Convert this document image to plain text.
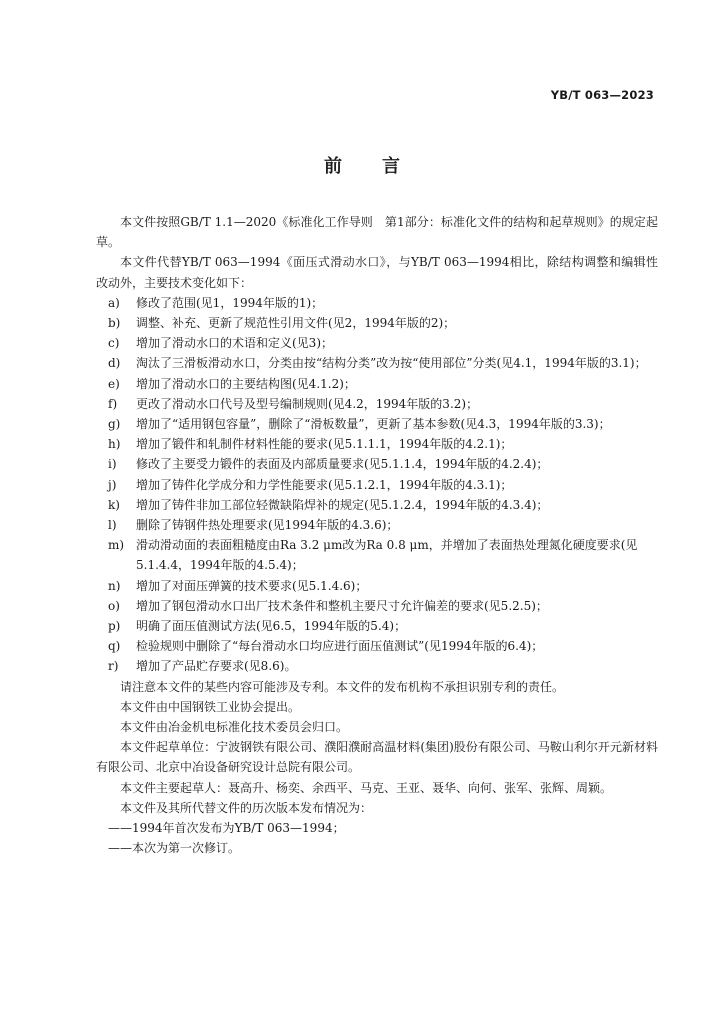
YB/T 063—2023
前言

本文件按照GB/T 1.1—2020《标准化工作导则　第1部分：标准化文件的结构和起草规则》的规定起草。

本文件代替YB/T 063—1994《面压式滑动水口》，与YB/T 063—1994相比，除结构调整和编辑性改动外，主要技术变化如下：

a)	修改了范围(见1，1994年版的1)；
b)	调整、补充、更新了规范性引用文件(见2，1994年版的2)；
c)	增加了滑动水口的术语和定义(见3)；
d)	淘汰了三滑板滑动水口，分类由按“结构分类”改为按“使用部位”分类(见4.1，1994年版的3.1)；
e)	增加了滑动水口的主要结构图(见4.1.2)；
f)	更改了滑动水口代号及型号编制规则(见4.2，1994年版的3.2)；
g)	增加了“适用钢包容量”，删除了“滑板数量”，更新了基本参数(见4.3，1994年版的3.3)；
h)	增加了锻件和轧制件材料性能的要求(见5.1.1.1，1994年版的4.2.1)；
i)	修改了主要受力锻件的表面及内部质量要求(见5.1.1.4，1994年版的4.2.4)；
j)	增加了铸件化学成分和力学性能要求(见5.1.2.1，1994年版的4.3.1)；
k)	增加了铸件非加工部位轻微缺陷焊补的规定(见5.1.2.4，1994年版的4.3.4)；
l)	删除了铸钢件热处理要求(见1994年版的4.3.6)；
m) 滑动滑动面的表面粗糙度由Ra 3.2 μm改为Ra 0.8 μm，并增加了表面热处理氮化硬度要求(见5.1.4.4，1994年版的4.5.4)；
n)	增加了对面压弹簧的技术要求(见5.1.4.6)；
o)	增加了钢包滑动水口出厂技术条件和整机主要尺寸允许偏差的要求(见5.2.5)；
p)	明确了面压值测试方法(见6.5，1994年版的5.4)；
q)	检验规则中删除了“每台滑动水口均应进行面压值测试”(见1994年版的6.4)；
r)	增加了产品贮存要求(见8.6)。

请注意本文件的某些内容可能涉及专利。本文件的发布机构不承担识别专利的责任。

本文件由中国钢铁工业协会提出。

本文件由冶金机电标准化技术委员会归口。

本文件起草单位：宁波钢铁有限公司、濮阳濮耐高温材料(集团)股份有限公司、马鞍山利尔开元新材料有限公司、北京中冶设备研究设计总院有限公司。

本文件主要起草人：聂高升、杨奕、余西平、马克、王亚、聂华、向何、张军、张辉、周颖。

本文件及其所代替文件的历次版本发布情况为：

——1994年首次发布为YB/T 063—1994；

——本次为第一次修订。
